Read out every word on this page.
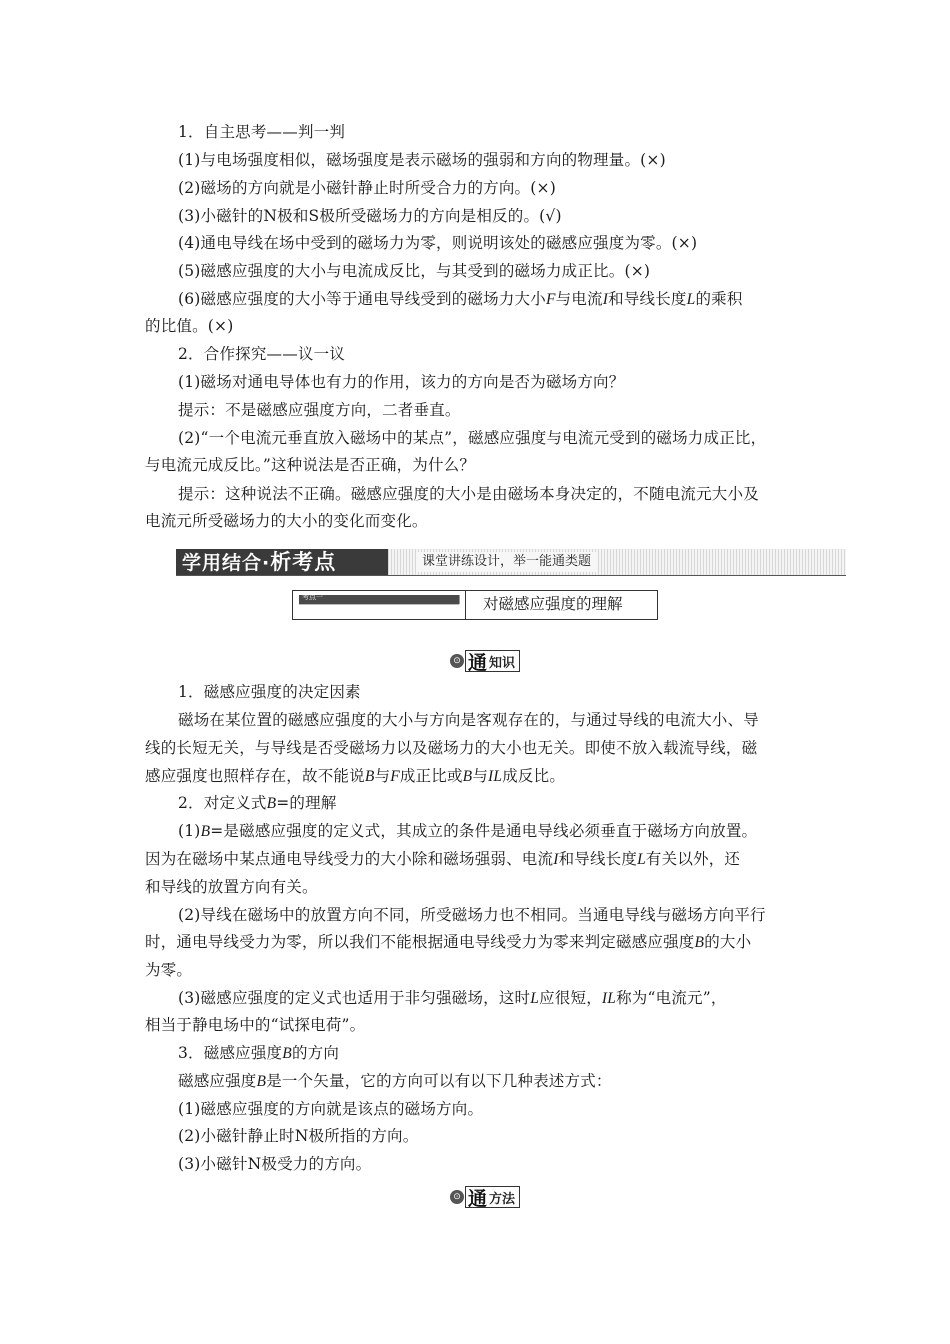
1．自主思考——判一判
(1)与电场强度相似，磁场强度是表示磁场的强弱和方向的物理量。(×)
(2)磁场的方向就是小磁针静止时所受合力的方向。(×)
(3)小磁针的N极和S极所受磁场力的方向是相反的。(√)
(4)通电导线在场中受到的磁场力为零，则说明该处的磁感应强度为零。(×)
(5)磁感应强度的大小与电流成反比，与其受到的磁场力成正比。(×)
(6)磁感应强度的大小等于通电导线受到的磁场力大小F与电流I和导线长度L的乘积
的比值。(×)
2．合作探究——议一议
(1)磁场对通电导体也有力的作用，该力的方向是否为磁场方向？
提示：不是磁感应强度方向，二者垂直。
(2)“一个电流元垂直放入磁场中的某点”，磁感应强度与电流元受到的磁场力成正比，
与电流元成反比。”这种说法是否正确，为什么？
提示：这种说法不正确。磁感应强度的大小是由磁场本身决定的，不随电流元大小及
电流元所受磁场力的大小的变化而变化。
学用结合·析考点	课堂讲练设计，举一能通类题
考点一	对磁感应强度的理解
⊙ 通 知识
1．磁感应强度的决定因素
磁场在某位置的磁感应强度的大小与方向是客观存在的，与通过导线的电流大小、导
线的长短无关，与导线是否受磁场力以及磁场力的大小也无关。即使不放入载流导线，磁
感应强度也照样存在，故不能说B与F成正比或B与IL成反比。
2．对定义式B=的理解
(1)B=是磁感应强度的定义式，其成立的条件是通电导线必须垂直于磁场方向放置。
因为在磁场中某点通电导线受力的大小除和磁场强弱、电流I和导线长度L有关以外，还
和导线的放置方向有关。
(2)导线在磁场中的放置方向不同，所受磁场力也不相同。当通电导线与磁场方向平行
时，通电导线受力为零，所以我们不能根据通电导线受力为零来判定磁感应强度B的大小
为零。
(3)磁感应强度的定义式也适用于非匀强磁场，这时L应很短，IL称为“电流元”，
相当于静电场中的“试探电荷”。
3．磁感应强度B的方向
磁感应强度B是一个矢量，它的方向可以有以下几种表述方式：
(1)磁感应强度的方向就是该点的磁场方向。
(2)小磁针静止时N极所指的方向。
(3)小磁针N极受力的方向。
⊙ 通 方法
